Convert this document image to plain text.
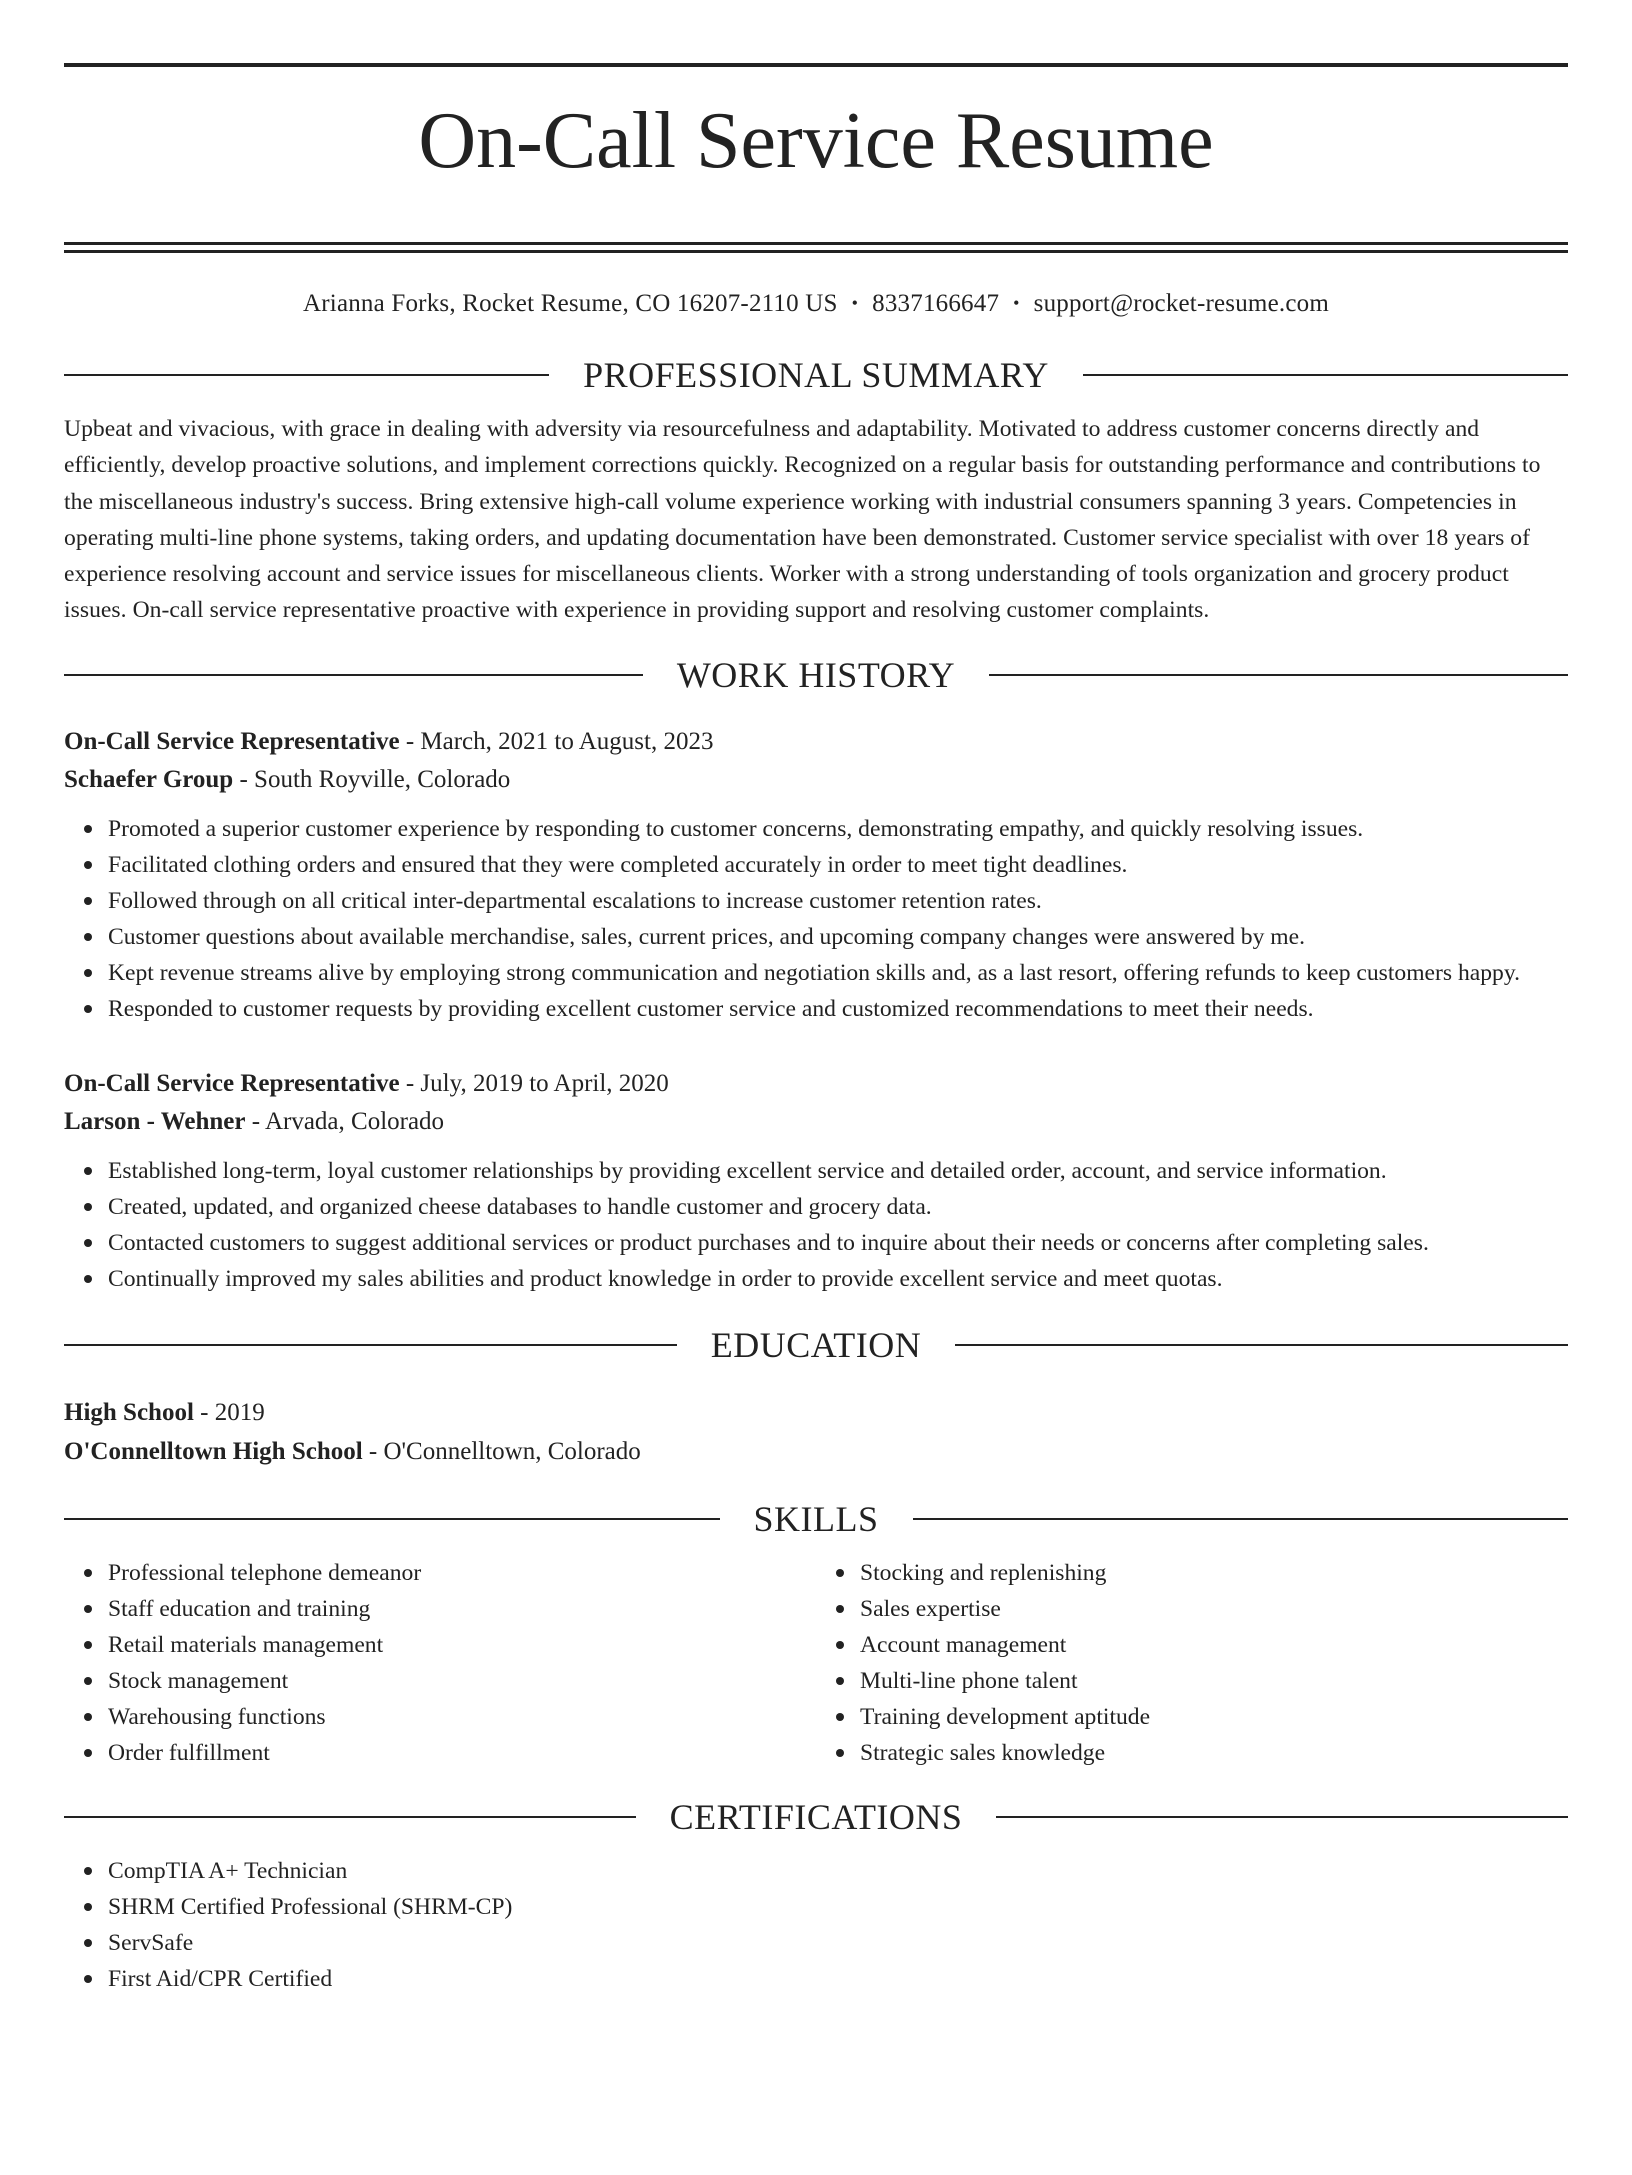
On-Call Service Resume
Arianna Forks, Rocket Resume, CO 16207-2110 US • 8337166647 • support@rocket-resume.com
PROFESSIONAL SUMMARY
Upbeat and vivacious, with grace in dealing with adversity via resourcefulness and adaptability. Motivated to address customer concerns directly and efficiently, develop proactive solutions, and implement corrections quickly. Recognized on a regular basis for outstanding performance and contributions to the miscellaneous industry's success. Bring extensive high-call volume experience working with industrial consumers spanning 3 years. Competencies in operating multi-line phone systems, taking orders, and updating documentation have been demonstrated. Customer service specialist with over 18 years of experience resolving account and service issues for miscellaneous clients. Worker with a strong understanding of tools organization and grocery product issues. On-call service representative proactive with experience in providing support and resolving customer complaints.
WORK HISTORY
On-Call Service Representative - March, 2021 to August, 2023
Schaefer Group - South Royville, Colorado
Promoted a superior customer experience by responding to customer concerns, demonstrating empathy, and quickly resolving issues.
Facilitated clothing orders and ensured that they were completed accurately in order to meet tight deadlines.
Followed through on all critical inter-departmental escalations to increase customer retention rates.
Customer questions about available merchandise, sales, current prices, and upcoming company changes were answered by me.
Kept revenue streams alive by employing strong communication and negotiation skills and, as a last resort, offering refunds to keep customers happy.
Responded to customer requests by providing excellent customer service and customized recommendations to meet their needs.
On-Call Service Representative - July, 2019 to April, 2020
Larson - Wehner - Arvada, Colorado
Established long-term, loyal customer relationships by providing excellent service and detailed order, account, and service information.
Created, updated, and organized cheese databases to handle customer and grocery data.
Contacted customers to suggest additional services or product purchases and to inquire about their needs or concerns after completing sales.
Continually improved my sales abilities and product knowledge in order to provide excellent service and meet quotas.
EDUCATION
High School - 2019
O'Connelltown High School - O'Connelltown, Colorado
SKILLS
Professional telephone demeanor
Staff education and training
Retail materials management
Stock management
Warehousing functions
Order fulfillment
Stocking and replenishing
Sales expertise
Account management
Multi-line phone talent
Training development aptitude
Strategic sales knowledge
CERTIFICATIONS
CompTIA A+ Technician
SHRM Certified Professional (SHRM-CP)
ServSafe
First Aid/CPR Certified
